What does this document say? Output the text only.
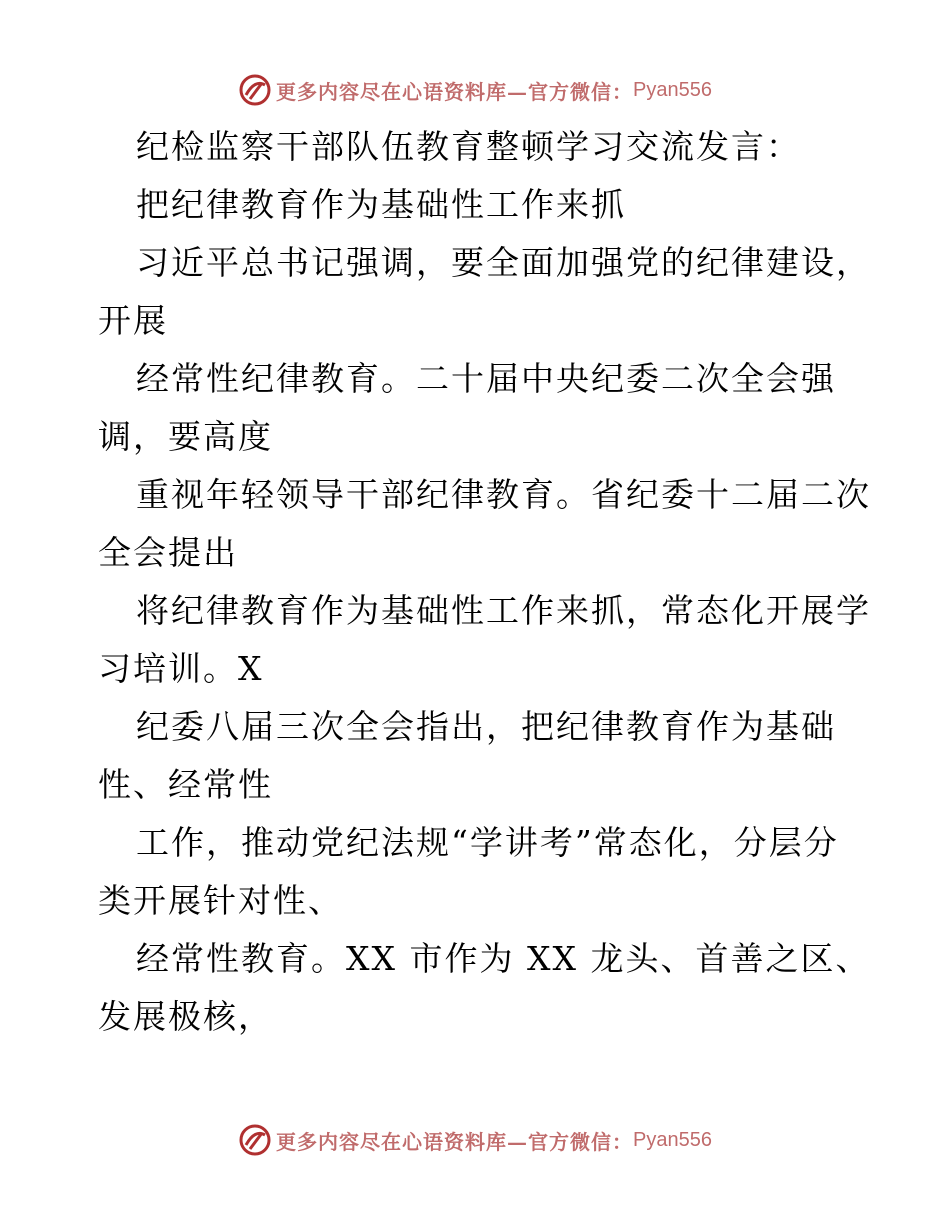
更多内容尽在心语资料库—官方微信： Pyan556
纪检监察干部队伍教育整顿学习交流发言：
把纪律教育作为基础性工作来抓
习近平总书记强调，要全面加强党的纪律建设，
开展
经常性纪律教育。二十届中央纪委二次全会强
调，要高度
重视年轻领导干部纪律教育。省纪委十二届二次
全会提出
将纪律教育作为基础性工作来抓，常态化开展学
习培训。X
纪委八届三次全会指出，把纪律教育作为基础
性、经常性
工作，推动党纪法规“学讲考”常态化，分层分
类开展针对性、
经常性教育。XX 市作为 XX 龙头、首善之区、
发展极核，
更多内容尽在心语资料库—官方微信： Pyan556
